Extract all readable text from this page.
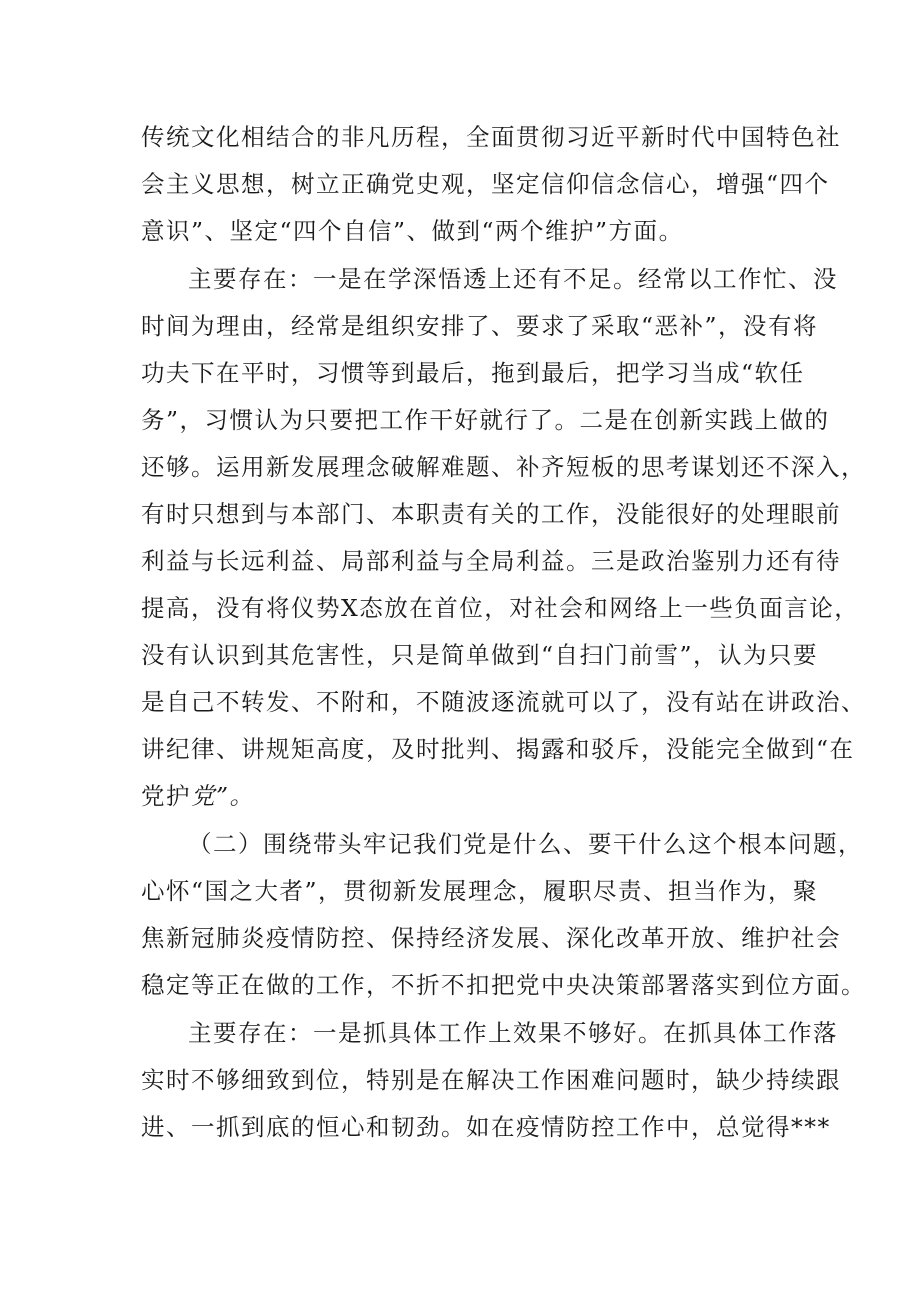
传统文化相结合的非凡历程，全面贯彻习近平新时代中国特色社
会主义思想，树立正确党史观，坚定信仰信念信心，增强“四个
意识”、坚定“四个自信”、做到“两个维护”方面。
主要存在：一是在学深悟透上还有不足。经常以工作忙、没
时间为理由，经常是组织安排了、要求了采取“恶补”，没有将
功夫下在平时，习惯等到最后，拖到最后，把学习当成“软任
务”，习惯认为只要把工作干好就行了。二是在创新实践上做的
还够。运用新发展理念破解难题、补齐短板的思考谋划还不深入，
有时只想到与本部门、本职责有关的工作，没能很好的处理眼前
利益与长远利益、局部利益与全局利益。三是政治鉴别力还有待
提高，没有将仪势X态放在首位，对社会和网络上一些负面言论，
没有认识到其危害性，只是简单做到“自扫门前雪”，认为只要
是自己不转发、不附和，不随波逐流就可以了，没有站在讲政治、
讲纪律、讲规矩高度，及时批判、揭露和驳斥，没能完全做到“在
党护党”。
（二）围绕带头牢记我们党是什么、要干什么这个根本问题，
心怀“国之大者”，贯彻新发展理念，履职尽责、担当作为，聚
焦新冠肺炎疫情防控、保持经济发展、深化改革开放、维护社会
稳定等正在做的工作，不折不扣把党中央决策部署落实到位方面。
主要存在：一是抓具体工作上效果不够好。在抓具体工作落
实时不够细致到位，特别是在解决工作困难问题时，缺少持续跟
进、一抓到底的恒心和韧劲。如在疫情防控工作中，总觉得***
